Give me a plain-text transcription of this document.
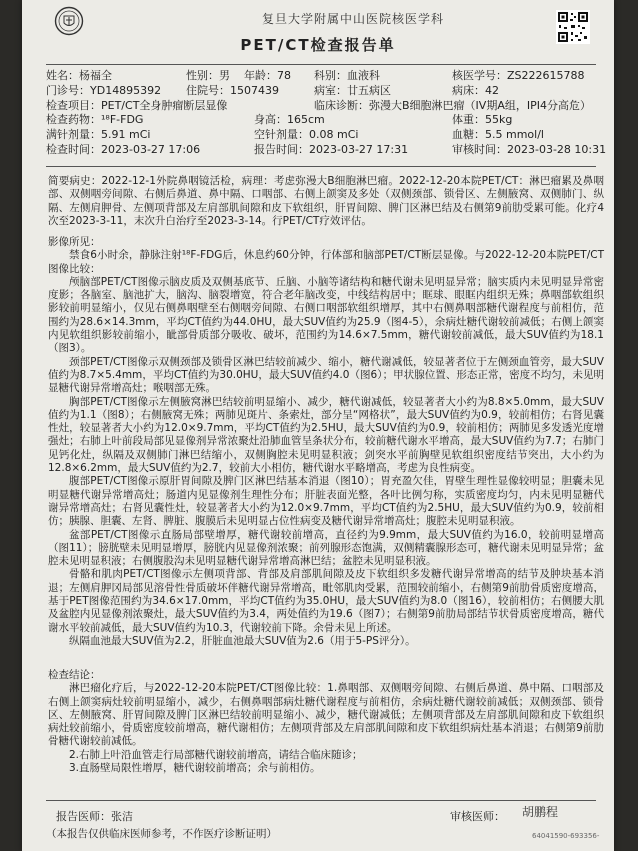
复旦大学附属中山医院核医学科
PET/CT检查报告单
姓名：杨福全	性别：男 年龄：78 科别：血液科	核医学号：ZS222615788
门诊号：YD14895392 住院号：1507439	病室：廿五病区	病床：42
检查项目：PET/CT全身肿瘤断层显像	临床诊断：弥漫大B细胞淋巴瘤（IV期A组，IPI4分高危）
检查药物：¹⁸F-FDG	身高：165cm	体重：55kg
满针剂量：5.91 mCi	空针剂量：0.08 mCi	血糖：5.5 mmol/l
检查时间：2023-03-27 17:06	报告时间：2023-03-27 17:31	审核时间：2023-03-28 10:31

简要病史：2022-12-1外院鼻咽镜活检，病理：考虑弥漫大B细胞淋巴瘤。2022-12-20本院PET/CT：淋巴瘤累及鼻咽部、双侧咽旁间隙、右侧后鼻道、鼻中隔、口咽部、右侧上颌窦及多处（双侧颈部、锁骨区、左侧腋窝、双侧肺门、纵隔、左侧肩胛骨、左侧项背部及左肩部肌间隙和皮下软组织，肝胃间隙、脾门区淋巴结及右侧第9前肋受累可能。化疗4次至2023-3-11，末次升白治疗至2023-3-14。行PET/CT疗效评估。

影像所见：

禁食6小时余，静脉注射¹⁸F-FDG后，休息约60分钟，行体部和脑部PET/CT断层显像。与2022-12-20本院PET/CT图像比较：

颅脑部PET/CT图像示脑皮质及双侧基底节、丘脑、小脑等诸结构和糖代谢未见明显异常；脑实质内未见明显异常密度影；各脑室、脑池扩大，脑沟、脑裂增宽，符合老年脑改变，中线结构居中；眶球、眼眶内组织无殊；鼻咽部软组织影较前明显缩小，仅见右侧鼻咽壁至右侧咽旁间隙、右侧口咽部软组织增厚，其中右侧鼻咽部糖代谢程度与前相仿，范围约为28.6×14.3mm，平均CT值约为44.0HU，最大SUV值约为25.9（图4-5），余病灶糖代谢较前减低；右侧上颌窦内见软组织影较前缩小，眦部骨质部分吸收、破坏，范围约为14.6×7.5mm，糖代谢较前减低，最大SUV值约为18.1（图3）。

颈部PET/CT图像示双侧颈部及锁骨区淋巴结较前减少、缩小，糖代谢减低，较显著者位于左侧颈血管旁，最大SUV值约为8.7×5.4mm，平均CT值约为30.0HU，最大SUV值约4.0（图6）；甲状腺位置、形态正常，密度不均匀，未见明显糖代谢异常增高灶；喉咽部无殊。

胸部PET/CT图像示左侧腋窝淋巴结较前明显缩小、减少，糖代谢减低，较显著者大小约为8.8×5.0mm，最大SUV值约为1.1（图8）；右侧腋窝无殊；两肺见斑片、条索灶，部分呈“网格状”，最大SUV值约为0.9，较前相仿；右肾见囊性灶，较显著者大小约为12.0×9.7mm，平均CT值约为2.5HU，最大SUV值约为0.9，较前相仿；两肺见多发透光度增强灶；右肺上叶前段局部见显像剂异常浓聚灶沿肺血管呈条状分布，较前糖代谢水平增高，最大SUV值约为7.7；右肺门见钙化灶，纵隔及双侧肺门淋巴结缩小，双侧胸腔未见明显积液；剑突水平前胸壁见软组织密度结节突出，大小约为12.8×6.2mm，最大SUV值约为2.7，较前大小相仿，糖代谢水平略增高，考虑为良性病变。

腹部PET/CT图像示原肝胃间隙及脾门区淋巴结基本消退（图10）；胃充盈欠佳，胃壁生理性显像较明显；胆囊未见明显糖代谢异常增高灶；肠道内见显像剂生理性分布；肝脏表面光整，各叶比例匀称，实质密度均匀，内未见明显糖代谢异常增高灶；右肾见囊性灶，较显著者大小约为12.0×9.7mm，平均CT值约为2.5HU，最大SUV值约为0.9，较前相仿；胰腺、胆囊、左肾、脾脏、腹膜后未见明显占位性病变及糖代谢异常增高灶；腹腔未见明显积液。

盆部PET/CT图像示直肠局部壁增厚，糖代谢较前增高，直径约为9.9mm，最大SUV值约为16.0，较前明显增高（图11）；膀胱壁未见明显增厚，膀胱内见显像剂浓聚；前列腺形态饱满，双侧精囊腺形态可，糖代谢未见明显异常；盆腔未见明显积液；右侧腹股沟未见明显糖代谢异常增高淋巴结；盆腔未见明显积液。

骨骼和肌肉PET/CT图像示左侧项背部、背部及肩部肌间隙及皮下软组织多发糖代谢异常增高的结节及肿块基本消退；左侧肩胛冈局部见溶骨性骨质破坏伴糖代谢异常增高，毗邻肌肉受累，范围较前缩小，右侧第9前肋骨质密度增高，基于PET图像范围约为34.6×17.0mm，平均CT值约为35.0HU，最大SUV值约为8.0（图16），较前相仿；右侧腰大肌及盆腔内见显像剂浓聚灶，最大SUV值约为3.4，两处值约为19.6（图7）；右侧第9前肋局部结节状骨质密度增高，糖代谢水平较前减低，最大SUV值约为10.3，代谢较前下降。余骨未见上所述。

纵隔血池最大SUV值为2.2，肝脏血池最大SUV值为2.6（用于5-PS评分）。

检查结论：

淋巴瘤化疗后，与2022-12-20本院PET/CT图像比较：1.鼻咽部、双侧咽旁间隙、右侧后鼻道、鼻中隔、口咽部及右侧上颌窦病灶较前明显缩小，减少，右侧鼻咽部病灶糖代谢程度与前相仿，余病灶糖代谢较前减低；双侧颈部、锁骨区、左侧腋窝、肝胃间隙及脾门区淋巴结较前明显缩小、减少，糖代谢减低；左侧项背部及左肩部肌间隙和皮下软组织病灶较前缩小，骨质密度较前增高，糖代谢相仿；左侧项背部及左肩部肌间隙和皮下软组织病灶基本消退；右侧第9前肋骨糖代谢较前减低。

2.右肺上叶沿血管走行局部糖代谢较前增高，请结合临床随诊；

3.直肠壁局限性增厚，糖代谢较前增高；余与前相仿。

报告医师：张洁	审核医师： 胡鹏程
（本报告仅供临床医师参考，不作医疗诊断证明）	64041590-693356-
